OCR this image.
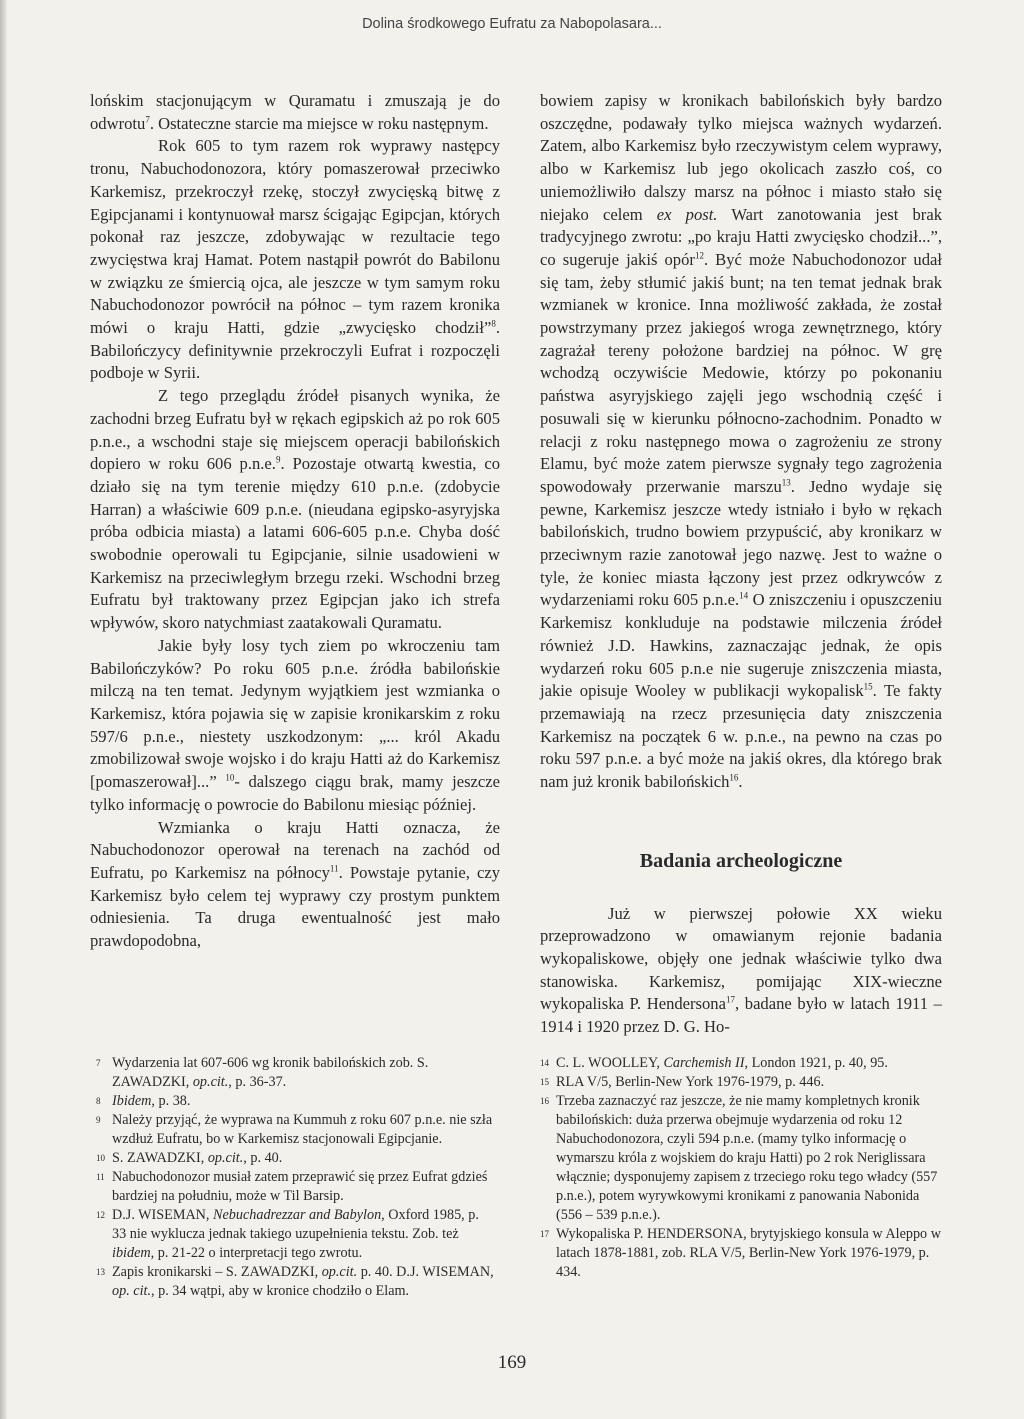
Dolina środkowego Eufratu za Nabopolasara...

lońskim stacjonującym w Quramatu i zmuszają je do odwrotu$^7$. Ostateczne starcie ma miejsce w roku następnym.

Rok 605 to tym razem rok wyprawy następcy tronu, Nabuchodonozora, który pomaszerował przeciwko Karkemisz, przekroczył rzekę, stoczył zwycięską bitwę z Egipcjanami i kontynuował marsz ścigając Egipcjan, których pokonał raz jeszcze, zdobywając w rezultacie tego zwycięstwa kraj Hamat. Potem nastąpił powrót do Babilonu w związku ze śmiercią ojca, ale jeszcze w tym samym roku Nabuchodonozor powrócił na północ – tym razem kronika mówi o kraju Hatti, gdzie „zwycięsko chodził”$^8$. Babilończycy definitywnie przekroczyli Eufrat i rozpoczęli podboje w Syrii.

Z tego przeglądu źródeł pisanych wynika, że zachodni brzeg Eufratu był w rękach egipskich aż po rok 605 p.n.e., a wschodni staje się miejscem operacji babilońskich dopiero w roku 606 p.n.e.$^9$. Pozostaje otwartą kwestia, co działo się na tym terenie między 610 p.n.e. (zdobycie Harran) a właściwie 609 p.n.e. (nieudana egipsko-asyryjska próba odbicia miasta) a latami 606-605 p.n.e. Chyba dość swobodnie operowali tu Egipcjanie, silnie usadowieni w Karkemisz na przeciwległym brzegu rzeki. Wschodni brzeg Eufratu był traktowany przez Egipcjan jako ich strefa wpływów, skoro natychmiast zaatakowali Quramatu.

Jakie były losy tych ziem po wkroczeniu tam Babilończyków? Po roku 605 p.n.e. źródła babilońskie milczą na ten temat. Jedynym wyjątkiem jest wzmianka o Karkemisz, która pojawia się w zapisie kronikarskim z roku 597/6 p.n.e., niestety uszkodzonym: „... król Akadu zmobilizował swoje wojsko i do kraju Hatti aż do Karkemisz [pomaszerował]...” $^{10}$- dalszego ciągu brak, mamy jeszcze tylko informację o powrocie do Babilonu miesiąc później.

Wzmianka o kraju Hatti oznacza, że Nabuchodonozor operował na terenach na zachód od Eufratu, po Karkemisz na północy$^{11}$. Powstaje pytanie, czy Karkemisz było celem tej wyprawy czy prostym punktem odniesienia. Ta druga ewentualność jest mało prawdopodobna,

bowiem zapisy w kronikach babilońskich były bardzo oszczędne, podawały tylko miejsca ważnych wydarzeń. Zatem, albo Karkemisz było rzeczywistym celem wyprawy, albo w Karkemisz lub jego okolicach zaszło coś, co uniemożliwiło dalszy marsz na północ i miasto stało się niejako celem ex post. Wart zanotowania jest brak tradycyjnego zwrotu: „po kraju Hatti zwycięsko chodził...”, co sugeruje jakiś opór$^{12}$. Być może Nabuchodonozor udał się tam, żeby stłumić jakiś bunt; na ten temat jednak brak wzmianek w kronice. Inna możliwość zakłada, że został powstrzymany przez jakiegoś wroga zewnętrznego, który zagrażał tereny położone bardziej na północ. W grę wchodzą oczywiście Medowie, którzy po pokonaniu państwa asyryjskiego zajęli jego wschodnią część i posuwali się w kierunku północno-zachodnim. Ponadto w relacji z roku następnego mowa o zagrożeniu ze strony Elamu, być może zatem pierwsze sygnały tego zagrożenia spowodowały przerwanie marszu$^{13}$. Jedno wydaje się pewne, Karkemisz jeszcze wtedy istniało i było w rękach babilońskich, trudno bowiem przypuścić, aby kronikarz w przeciwnym razie zanotował jego nazwę. Jest to ważne o tyle, że koniec miasta łączony jest przez odkrywców z wydarzeniami roku 605 p.n.e.$^{14}$ O zniszczeniu i opuszczeniu Karkemisz konkluduje na podstawie milczenia źródeł również J.D. Hawkins, zaznaczając jednak, że opis wydarzeń roku 605 p.n.e nie sugeruje zniszczenia miasta, jakie opisuje Wooley w publikacji wykopalisk$^{15}$. Te fakty przemawiają na rzecz przesunięcia daty zniszczenia Karkemisz na początek 6 w. p.n.e., na pewno na czas po roku 597 p.n.e. a być może na jakiś okres, dla którego brak nam już kronik babilońskich$^{16}$.

Badania archeologiczne

Już w pierwszej połowie XX wieku przeprowadzono w omawianym rejonie badania wykopaliskowe, objęły one jednak właściwie tylko dwa stanowiska. Karkemisz, pomijając XIX-wieczne wykopaliska P. Hendersona$^{17}$, badane było w latach 1911 – 1914 i 1920 przez D. G. Ho-

7 Wydarzenia lat 607-606 wg kronik babilońskich zob. S. ZAWADZKI, op.cit., p. 36-37.

8 Ibidem, p. 38.

9 Należy przyjąć, że wyprawa na Kummuh z roku 607 p.n.e. nie szła wzdłuż Eufratu, bo w Karkemisz stacjonowali Egipcjanie.

10 S. ZAWADZKI, op.cit., p. 40.

11 Nabuchodonozor musiał zatem przeprawić się przez Eufrat gdzieś bardziej na południu, może w Til Barsip.

12 D.J. WISEMAN, Nebuchadrezzar and Babylon, Oxford 1985, p. 33 nie wyklucza jednak takiego uzupełnienia tekstu. Zob. też ibidem, p. 21-22 o interpretacji tego zwrotu.

13 Zapis kronikarski – S. ZAWADZKI, op.cit. p. 40. D.J. WISEMAN, op. cit., p. 34 wątpi, aby w kronice chodziło o Elam.

14 C. L. WOOLLEY, Carchemish II, London 1921, p. 40, 95.

15 RLA V/5, Berlin-New York 1976-1979, p. 446.

16 Trzeba zaznaczyć raz jeszcze, że nie mamy kompletnych kronik babilońskich: duża przerwa obejmuje wydarzenia od roku 12 Nabuchodonozora, czyli 594 p.n.e. (mamy tylko informację o wymarszu króla z wojskiem do kraju Hatti) po 2 rok Neriglissara włącznie; dysponujemy zapisem z trzeciego roku tego władcy (557 p.n.e.), potem wyrywkowymi kronikami z panowania Nabonida (556 – 539 p.n.e.).

17 Wykopaliska P. HENDERSONA, brytyjskiego konsula w Aleppo w latach 1878-1881, zob. RLA V/5, Berlin-New York 1976-1979, p. 434.

169
